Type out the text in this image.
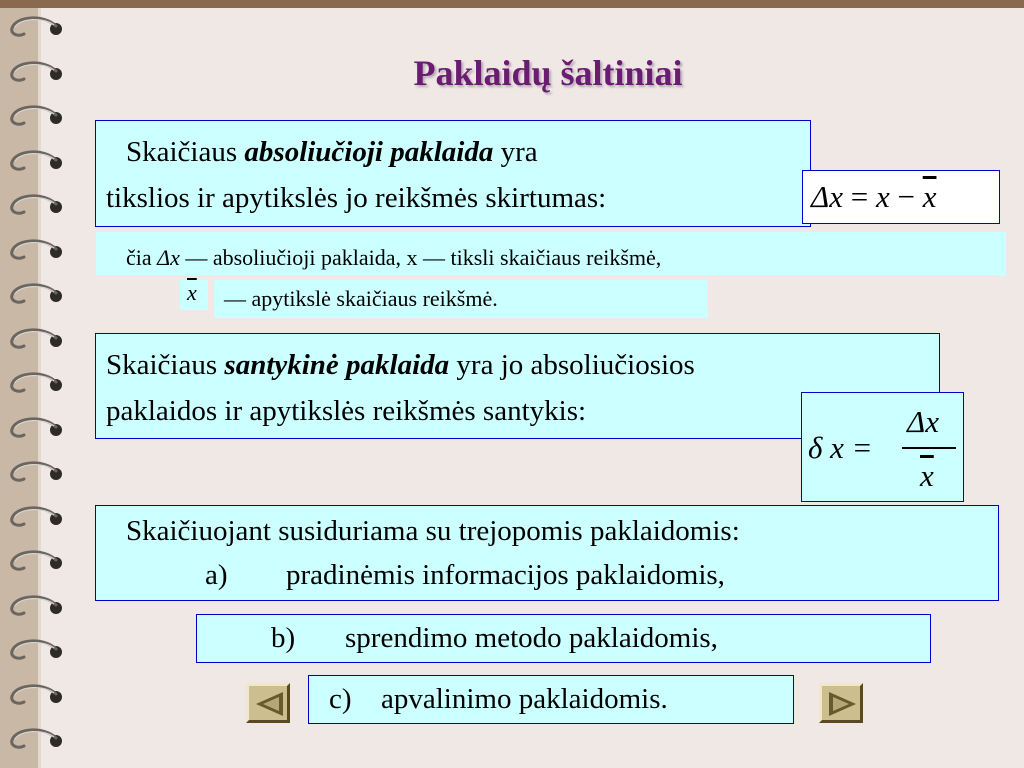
Paklaidų šaltiniai
Skaičiaus absoliučioji paklaida yra
tikslios ir apytikslės jo reikšmės skirtumas:	$\Delta x = x - \overline{x}$
čia Δx — absoliučioji paklaida, x — tiksli skaičiaus reikšmė,
$\overline{x}$ — apytikslė skaičiaus reikšmė.
Skaičiaus santykinė paklaida yra jo absoliučiosios
paklaidos ir apytikslės reikšmės santykis:
δ x =
Δx
$\overline{x}$
Skaičiuojant susiduriama su trejopomis paklaidomis:
a) pradinėmis informacijos paklaidomis,
b) sprendimo metodo paklaidomis,
c) apvalinimo paklaidomis.
